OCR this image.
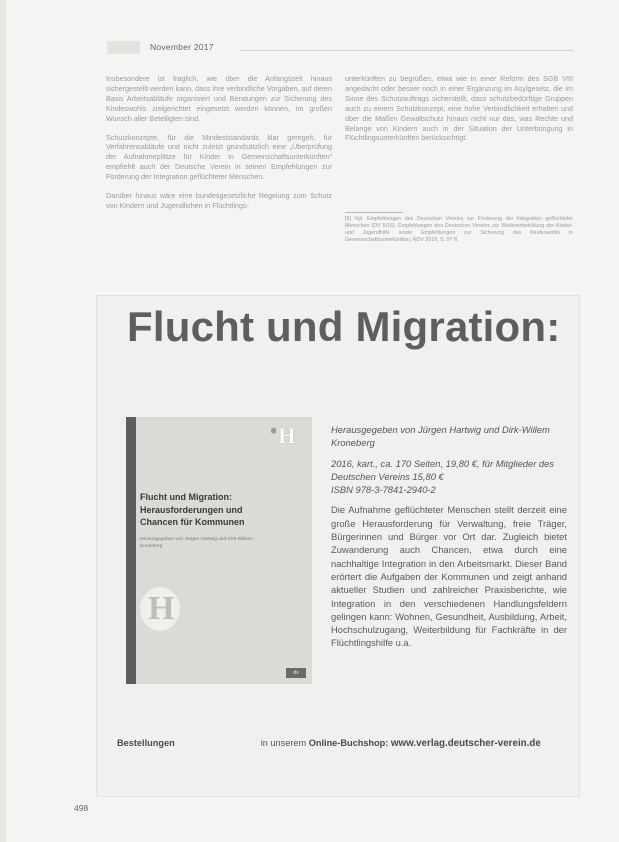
November 2017

Insbesondere ist fraglich, wie über die Anfangszeit hinaus sichergestellt werden kann, dass ihre verbindliche Vorgaben, auf deren Basis Arbeitsabläufe organisiert und Beratungen zur Sicherung des Kindeswohls zielgerichtet eingesetzt werden können, im großen Wunsch aller Beteiligten sind.

Schutzkonzepte, für die Mindeststandards klar geregelt, für Verfahrensabläufe und nicht zuletzt grundsätzlich eine „Überprüfung der Aufnahmeplätze für Kinder in Gemeinschaftsunterkünften“ empfiehlt auch der Deutsche Verein in seinen Empfehlungen zur Förderung der Integration geflüchteter Menschen.

Darüber hinaus wäre eine bundesgesetzliche Regelung zum Schutz von Kindern und Jugendlichen in Flüchtlings-

unterkünften zu begrüßen, etwa wie in einer Reform des SGB VIII angedacht oder besser noch in einer Ergänzung im Asylgesetz, die im Sinne des Schutzauftrags sicherstellt, dass schutzbedürftige Gruppen auch zu einem Schutzkonzept, eine hohe Verbindlichkeit erhalten und über die Maßen Gewaltschutz hinaus nicht nur das, was Rechte und Belange von Kindern auch in der Situation der Unterbringung in Flüchtlingsunterkünften berücksichtigt.

[5] Vgl. Empfehlungen des Deutschen Vereins zur Förderung der Integration geflüchteter Menschen (DV 5/16), Empfehlungen des Deutschen Vereins zur Weiterentwicklung der Kinder- und Jugendhilfe sowie Empfehlungen zur Sicherung des Kindeswohls in Gemeinschaftsunterkünften, NDV 2016, S. 97 ff.
Flucht und Migration:
●H
Flucht und Migration:
Herausforderungen und
Chancen für Kommunen
Herausgegeben von Jürgen Hartwig und Dirk-Willem Kroneberg
H
dv

Herausgegeben von Jürgen Hartwig und Dirk-Willem Kroneberg

2016, kart., ca. 170 Seiten, 19,80 €, für Mitglieder des Deutschen Vereins 15,80 €

ISBN 978-3-7841-2940-2

Die Aufnahme geflüchteter Menschen stellt derzeit eine große Herausforderung für Verwaltung, freie Träger, Bürgerinnen und Bürger vor Ort dar. Zugleich bietet Zuwanderung auch Chancen, etwa durch eine nachhaltige Integration in den Arbeitsmarkt. Dieser Band erörtert die Aufgaben der Kommunen und zeigt anhand aktueller Studien und zahlreicher Praxisberichte, wie Integration in den verschiedenen Handlungsfeldern gelingen kann: Wohnen, Gesundheit, Ausbildung, Arbeit, Hochschulzugang, Weiterbildung für Fachkräfte in der Flüchtlingshilfe u.a.

Bestellungen	in unserem Online-Buchshop: www.verlag.deutscher-verein.de
498
